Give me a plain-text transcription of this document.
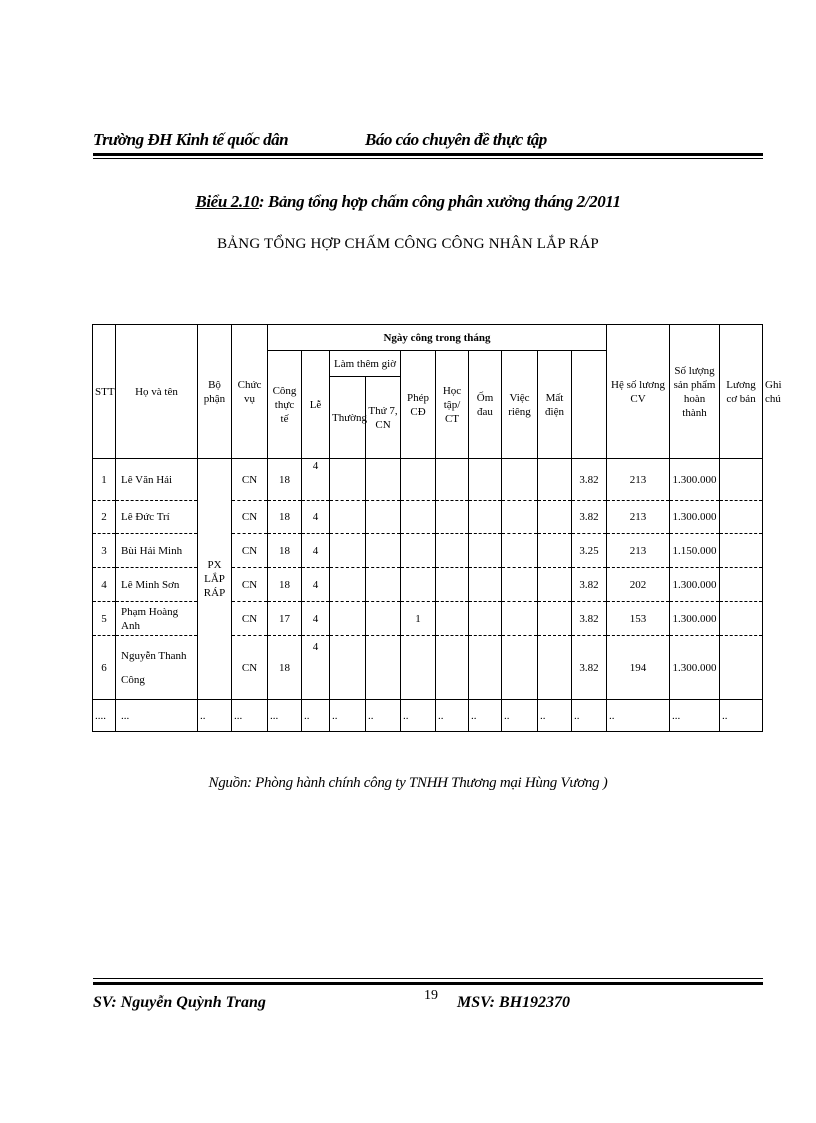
Trường ĐH Kinh tế quốc dân	Báo cáo chuyên đề thực tập
Biểu 2.10: Bảng tổng hợp chấm công phân xưởng tháng 2/2011
BẢNG TỔNG HỢP CHẤM CÔNG CÔNG NHÂN LẮP RÁP
STT	Họ và tên	Bộ phận	Chức vụ	Ngày công trong tháng										Hệ số lương CV	Số lượng sản phẩm hoàn thành	Lương cơ bản	Ghi chú
				Công thực tế	Lễ	Làm thêm giờ		Phép CĐ	Học tập/ CT	Ốm đau	Việc riêng	Mất điện					
						Thường	Thứ 7, CN										

1	Lê Văn Hải	PX LẮP RÁP	CN	18	4								3.82	213	1.300.000		
2	Lê Đức Trí		CN	18	4								3.82	213	1.300.000		
3	Bùi Hải Minh		CN	18	4								3.25	213	1.150.000		
4	Lê Minh Sơn		CN	18	4								3.82	202	1.300.000		
5	Phạm Hoàng Anh		CN	17	4			1					3.82	153	1.300.000		
6	Nguyễn Thanh Công		CN	18	4								3.82	194	1.300.000		
....	...	..	...	...	..	..	..	..	..	..	..	..	..	..	...	..	
Nguồn: Phòng hành chính công ty TNHH Thương mại Hùng Vương )
SV: Nguyễn Quỳnh Trang	19 MSV: BH192370
